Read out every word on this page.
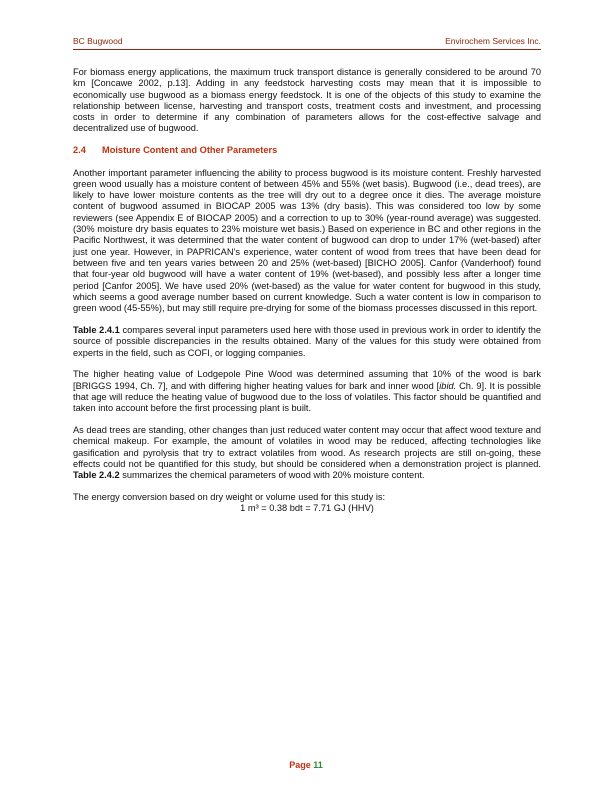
BC Bugwood	Envirochem Services Inc.

For biomass energy applications, the maximum truck transport distance is generally considered to be around 70 km [Concawe 2002, p.13]. Adding in any feedstock harvesting costs may mean that it is impossible to economically use bugwood as a biomass energy feedstock. It is one of the objects of this study to examine the relationship between license, harvesting and transport costs, treatment costs and investment, and processing costs in order to determine if any combination of parameters allows for the cost-effective salvage and decentralized use of bugwood.

2.4 Moisture Content and Other Parameters

Another important parameter influencing the ability to process bugwood is its moisture content. Freshly harvested green wood usually has a moisture content of between 45% and 55% (wet basis). Bugwood (i.e., dead trees), are likely to have lower moisture contents as the tree will dry out to a degree once it dies. The average moisture content of bugwood assumed in BIOCAP 2005 was 13% (dry basis). This was considered too low by some reviewers (see Appendix E of BIOCAP 2005) and a correction to up to 30% (year-round average) was suggested. (30% moisture dry basis equates to 23% moisture wet basis.) Based on experience in BC and other regions in the Pacific Northwest, it was determined that the water content of bugwood can drop to under 17% (wet-based) after just one year. However, in PAPRICAN’s experience, water content of wood from trees that have been dead for between five and ten years varies between 20 and 25% (wet-based) [BICHO 2005]. Canfor (Vanderhoof) found that four-year old bugwood will have a water content of 19% (wet-based), and possibly less after a longer time period [Canfor 2005]. We have used 20% (wet-based) as the value for water content for bugwood in this study, which seems a good average number based on current knowledge. Such a water content is low in comparison to green wood (45-55%), but may still require pre-drying for some of the biomass processes discussed in this report.

Table 2.4.1 compares several input parameters used here with those used in previous work in order to identify the source of possible discrepancies in the results obtained. Many of the values for this study were obtained from experts in the field, such as COFI, or logging companies.

The higher heating value of Lodgepole Pine Wood was determined assuming that 10% of the wood is bark [BRIGGS 1994, Ch. 7], and with differing higher heating values for bark and inner wood [ibid. Ch. 9]. It is possible that age will reduce the heating value of bugwood due to the loss of volatiles. This factor should be quantified and taken into account before the first processing plant is built.

As dead trees are standing, other changes than just reduced water content may occur that affect wood texture and chemical makeup. For example, the amount of volatiles in wood may be reduced, affecting technologies like gasification and pyrolysis that try to extract volatiles from wood. As research projects are still on-going, these effects could not be quantified for this study, but should be considered when a demonstration project is planned. Table 2.4.2 summarizes the chemical parameters of wood with 20% moisture content.

The energy conversion based on dry weight or volume used for this study is:

1 m³ = 0.38 bdt = 7.71 GJ (HHV)

Page 11
